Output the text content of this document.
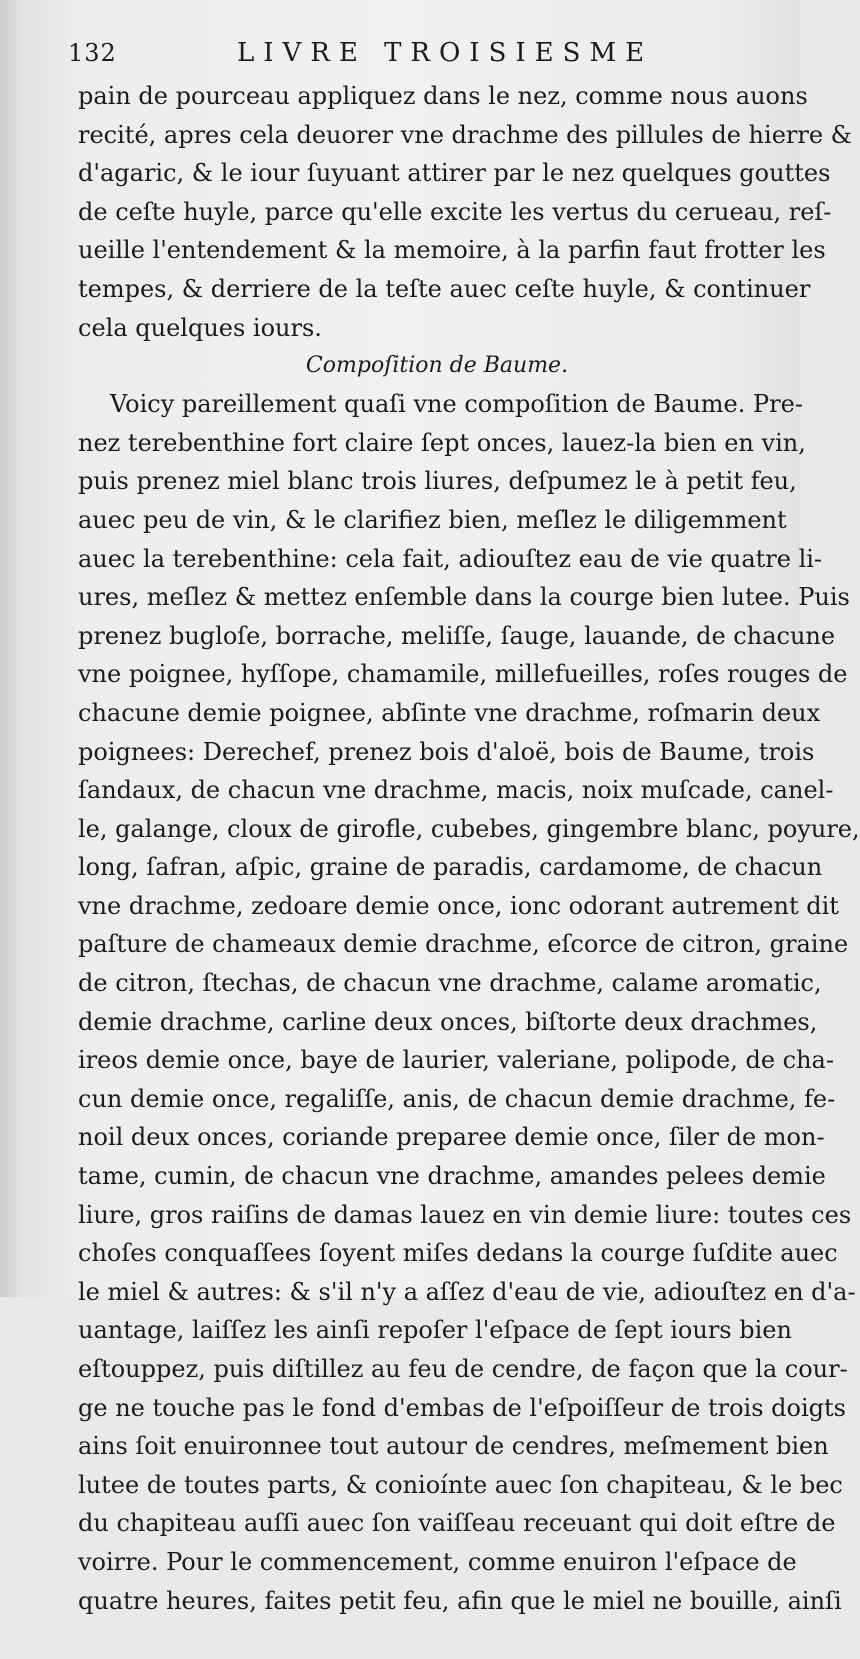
132	LIVRE TROISIESME
pain de pourceau appliquez dans le nez, comme nous auons
recité, apres cela deuorer vne drachme des pillules de hierre &
d'agaric, & le iour ſuyuant attirer par le nez quelques gouttes
de ceſte huyle, parce qu'elle excite les vertus du cerueau, reſ-
ueille l'entendement & la memoire, à la parfin faut frotter les
tempes, & derriere de la teſte auec ceſte huyle, & continuer
cela quelques iours.
Compoſition de Baume.
Voicy pareillement quaſi vne compoſition de Baume. Pre-
nez terebenthine fort claire ſept onces, lauez-la bien en vin,
puis prenez miel blanc trois liures, deſpumez le à petit feu,
auec peu de vin, & le clarifiez bien, meſlez le diligemment
auec la terebenthine: cela fait, adiouſtez eau de vie quatre li-
ures, meſlez & mettez enſemble dans la courge bien lutee. Puis
prenez bugloſe, borrache, meliſſe, ſauge, lauande, de chacune
vne poignee, hyſſope, chamamile, millefueilles, roſes rouges de
chacune demie poignee, abſinte vne drachme, roſmarin deux
poignees: Derechef, prenez bois d'aloë, bois de Baume, trois
ſandaux, de chacun vne drachme, macis, noix muſcade, canel-
le, galange, cloux de girofle, cubebes, gingembre blanc, poyure,
long, ſafran, aſpic, graine de paradis, cardamome, de chacun
vne drachme, zedoare demie once, ionc odorant autrement dit
paſture de chameaux demie drachme, eſcorce de citron, graine
de citron, ſtechas, de chacun vne drachme, calame aromatic,
demie drachme, carline deux onces, biſtorte deux drachmes,
ireos demie once, baye de laurier, valeriane, polipode, de cha-
cun demie once, regaliſſe, anis, de chacun demie drachme, fe-
noil deux onces, coriande preparee demie once, ſiler de mon-
tame, cumin, de chacun vne drachme, amandes pelees demie
liure, gros raiſins de damas lauez en vin demie liure: toutes ces
choſes conquaſſees ſoyent miſes dedans la courge ſuſdite auec
le miel & autres: & s'il n'y a aſſez d'eau de vie, adiouſtez en d'a-
uantage, laiſſez les ainſi repoſer l'eſpace de ſept iours bien
eſtouppez, puis diſtillez au feu de cendre, de façon que la cour-
ge ne touche pas le fond d'embas de l'eſpoiſſeur de trois doigts
ains ſoit enuironnee tout autour de cendres, meſmement bien
lutee de toutes parts, & conioínte auec ſon chapiteau, & le bec
du chapiteau auſſi auec ſon vaiſſeau receuant qui doit eſtre de
voirre. Pour le commencement, comme enuiron l'eſpace de
quatre heures, faites petit feu, afin que le miel ne bouille, ainſi
